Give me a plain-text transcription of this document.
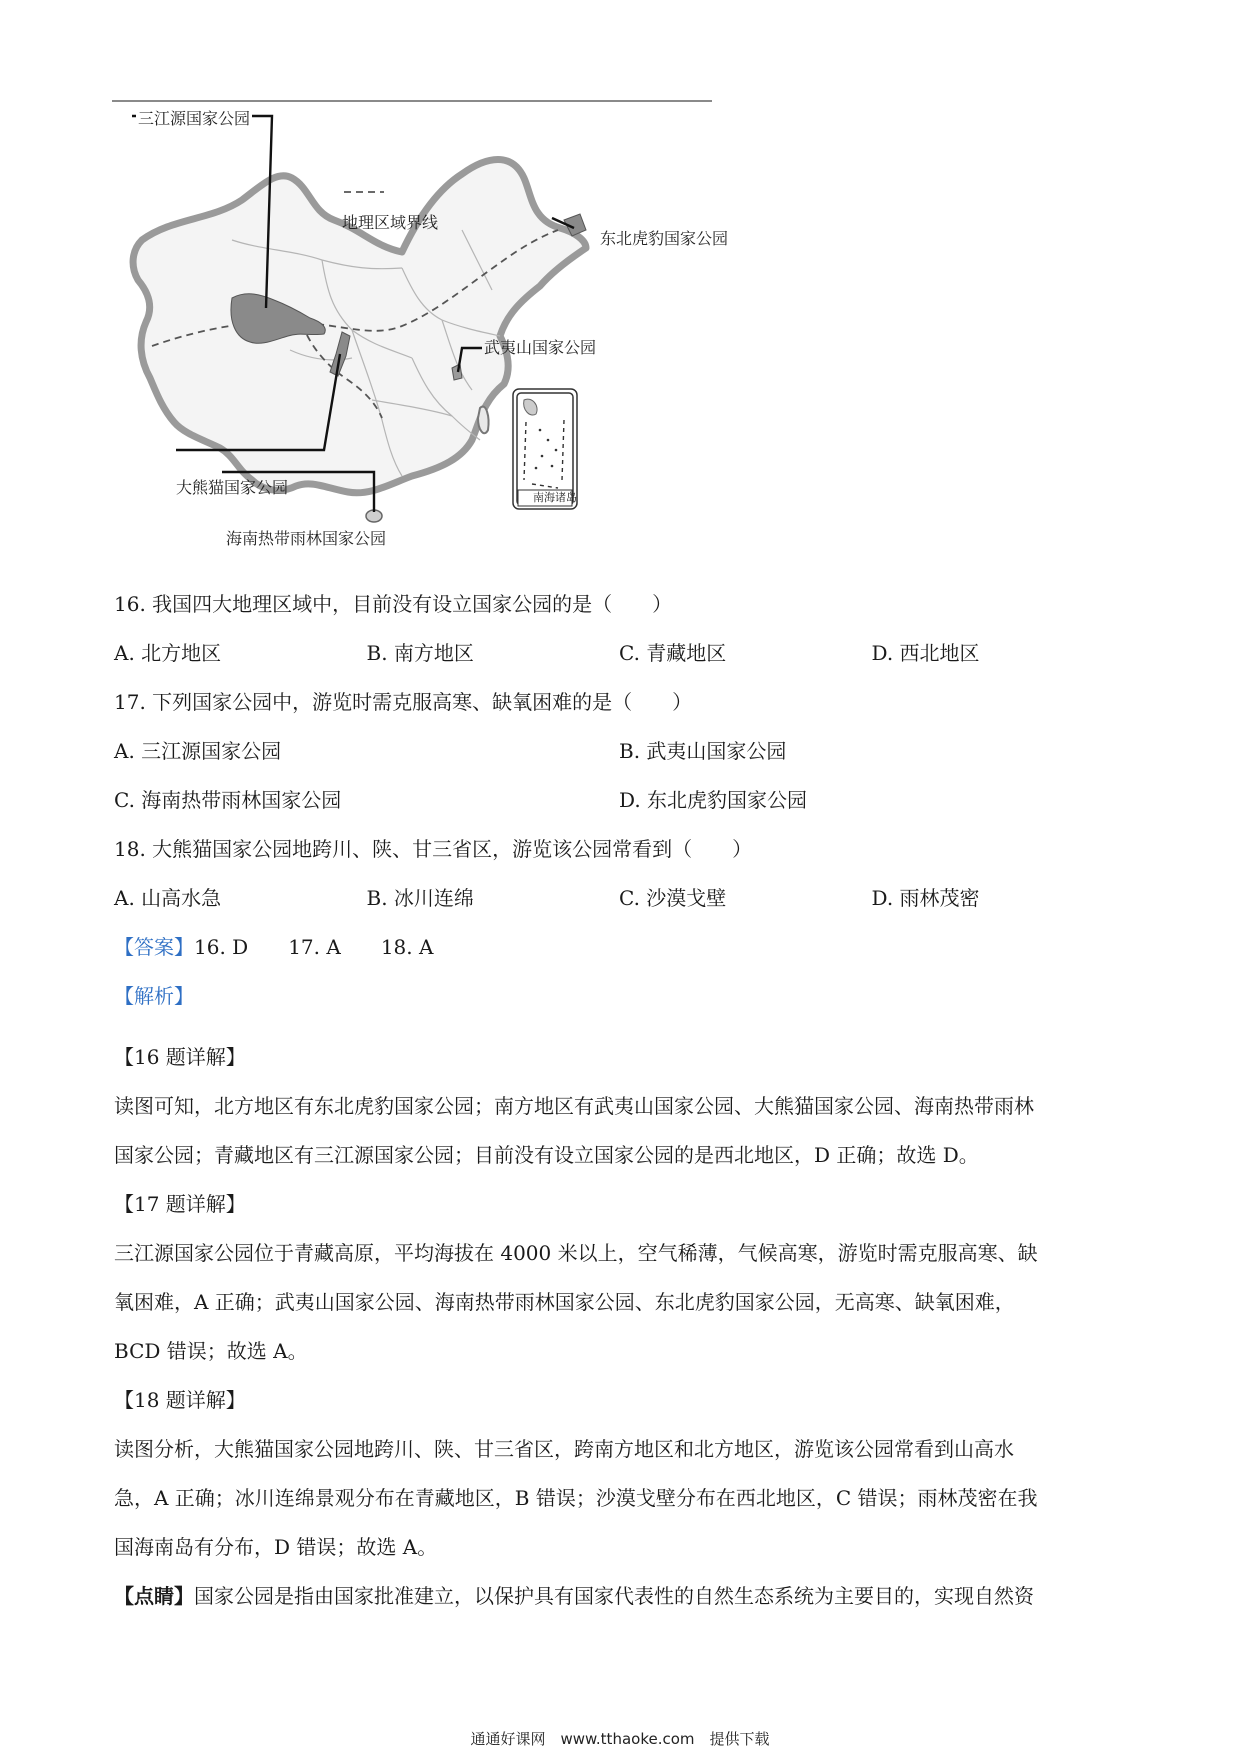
三江源国家公园
地理区域界线
东北虎豹国家公园
武夷山国家公园
大熊猫国家公园
海南热带雨林国家公园
南海诸岛
16. 我国四大地理区域中，目前没有设立国家公园的是（　　）
A. 北方地区	B. 南方地区	C. 青藏地区	D. 西北地区
17. 下列国家公园中，游览时需克服高寒、缺氧困难的是（　　）
A. 三江源国家公园	B. 武夷山国家公园
C. 海南热带雨林国家公园	D. 东北虎豹国家公园
18. 大熊猫国家公园地跨川、陕、甘三省区，游览该公园常看到（　　）
A. 山高水急	B. 冰川连绵	C. 沙漠戈壁	D. 雨林茂密
【答案】16. D 17. A 18. A
【解析】
【16 题详解】
读图可知，北方地区有东北虎豹国家公园；南方地区有武夷山国家公园、大熊猫国家公园、海南热带雨林
国家公园；青藏地区有三江源国家公园；目前没有设立国家公园的是西北地区，D 正确；故选 D。
【17 题详解】
三江源国家公园位于青藏高原，平均海拔在 4000 米以上，空气稀薄，气候高寒，游览时需克服高寒、缺
氧困难，A 正确；武夷山国家公园、海南热带雨林国家公园、东北虎豹国家公园，无高寒、缺氧困难，
BCD 错误；故选 A。
【18 题详解】
读图分析，大熊猫国家公园地跨川、陕、甘三省区，跨南方地区和北方地区，游览该公园常看到山高水
急，A 正确；冰川连绵景观分布在青藏地区，B 错误；沙漠戈壁分布在西北地区，C 错误；雨林茂密在我
国海南岛有分布，D 错误；故选 A。
【点睛】国家公园是指由国家批准建立，以保护具有国家代表性的自然生态系统为主要目的，实现自然资
通通好课网　www.tthaoke.com　提供下载
